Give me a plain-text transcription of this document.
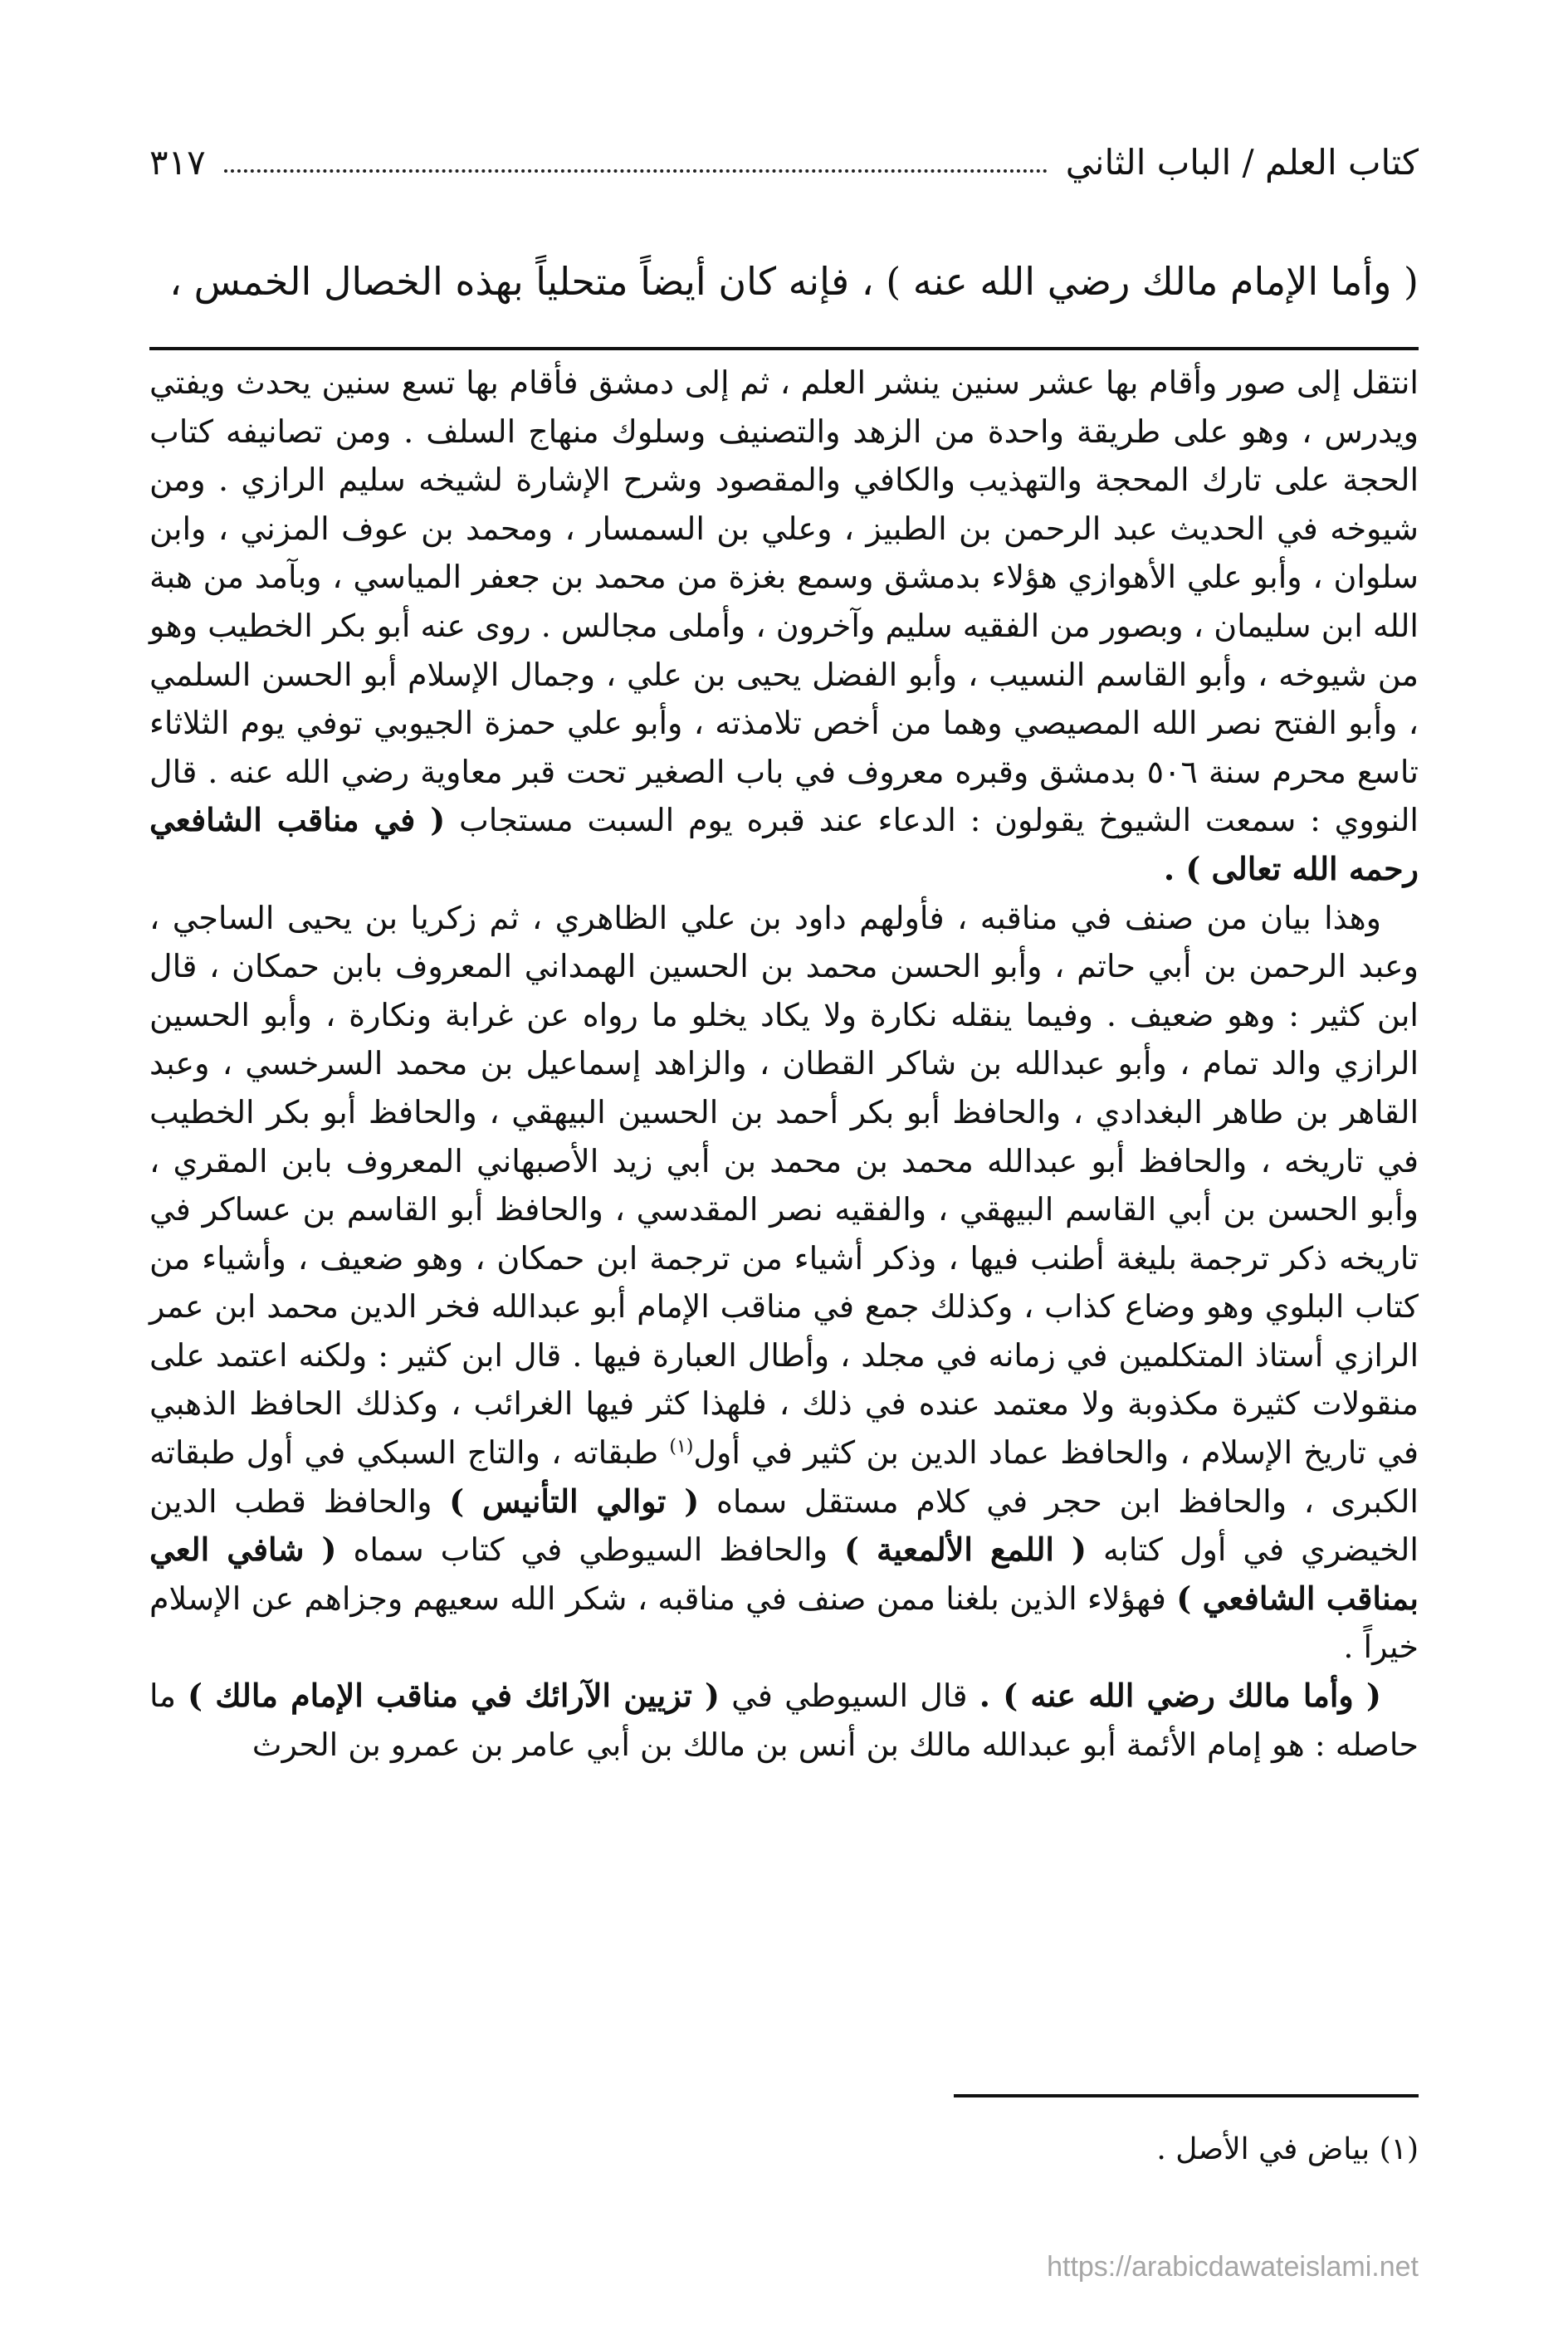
كتاب العلم / الباب الثاني
٣١٧
( وأما الإمام مالك رضي الله عنه ) ، فإنه كان أيضاً متحلياً بهذه الخصال الخمس ،

انتقل إلى صور وأقام بها عشر سنين ينشر العلم ، ثم إلى دمشق فأقام بها تسع سنين يحدث ويفتي ويدرس ، وهو على طريقة واحدة من الزهد والتصنيف وسلوك منهاج السلف . ومن تصانيفه كتاب الحجة على تارك المحجة والتهذيب والكافي والمقصود وشرح الإشارة لشيخه سليم الرازي . ومن شيوخه في الحديث عبد الرحمن بن الطبيز ، وعلي بن السمسار ، ومحمد بن عوف المزني ، وابن سلوان ، وأبو علي الأهوازي هؤلاء بدمشق وسمع بغزة من محمد بن جعفر المياسي ، وبآمد من هبة الله ابن سليمان ، وبصور من الفقيه سليم وآخرون ، وأملى مجالس . روى عنه أبو بكر الخطيب وهو من شيوخه ، وأبو القاسم النسيب ، وأبو الفضل يحيى بن علي ، وجمال الإسلام أبو الحسن السلمي ، وأبو الفتح نصر الله المصيصي وهما من أخص تلامذته ، وأبو علي حمزة الجيوبي توفي يوم الثلاثاء تاسع محرم سنة ٥٠٦ بدمشق وقبره معروف في باب الصغير تحت قبر معاوية رضي الله عنه . قال النووي : سمعت الشيوخ يقولون : الدعاء عند قبره يوم السبت مستجاب ( في مناقب الشافعي رحمه الله تعالى ) .

وهذا بيان من صنف في مناقبه ، فأولهم داود بن علي الظاهري ، ثم زكريا بن يحيى الساجي ، وعبد الرحمن بن أبي حاتم ، وأبو الحسن محمد بن الحسين الهمداني المعروف بابن حمكان ، قال ابن كثير : وهو ضعيف . وفيما ينقله نكارة ولا يكاد يخلو ما رواه عن غرابة ونكارة ، وأبو الحسين الرازي والد تمام ، وأبو عبدالله بن شاكر القطان ، والزاهد إسماعيل بن محمد السرخسي ، وعبد القاهر بن طاهر البغدادي ، والحافظ أبو بكر أحمد بن الحسين البيهقي ، والحافظ أبو بكر الخطيب في تاريخه ، والحافظ أبو عبدالله محمد بن محمد بن أبي زيد الأصبهاني المعروف بابن المقري ، وأبو الحسن بن أبي القاسم البيهقي ، والفقيه نصر المقدسي ، والحافظ أبو القاسم بن عساكر في تاريخه ذكر ترجمة بليغة أطنب فيها ، وذكر أشياء من ترجمة ابن حمكان ، وهو ضعيف ، وأشياء من كتاب البلوي وهو وضاع كذاب ، وكذلك جمع في مناقب الإمام أبو عبدالله فخر الدين محمد ابن عمر الرازي أستاذ المتكلمين في زمانه في مجلد ، وأطال العبارة فيها . قال ابن كثير : ولكنه اعتمد على منقولات كثيرة مكذوبة ولا معتمد عنده في ذلك ، فلهذا كثر فيها الغرائب ، وكذلك الحافظ الذهبي في تاريخ الإسلام ، والحافظ عماد الدين بن كثير في أول$^{(١)}$ طبقاته ، والتاج السبكي في أول طبقاته الكبرى ، والحافظ ابن حجر في كلام مستقل سماه ( توالي التأنيس ) والحافظ قطب الدين الخيضري في أول كتابه ( اللمع الألمعية ) والحافظ السيوطي في كتاب سماه ( شافي العي بمناقب الشافعي ) فهؤلاء الذين بلغنا ممن صنف في مناقبه ، شكر الله سعيهم وجزاهم عن الإسلام خيراً .

( وأما مالك رضي الله عنه ) . قال السيوطي في ( تزيين الآرائك في مناقب الإمام مالك ) ما حاصله : هو إمام الأئمة أبو عبدالله مالك بن أنس بن مالك بن أبي عامر بن عمرو بن الحرث

(١) بياض في الأصل .
https://arabicdawateislami.net
